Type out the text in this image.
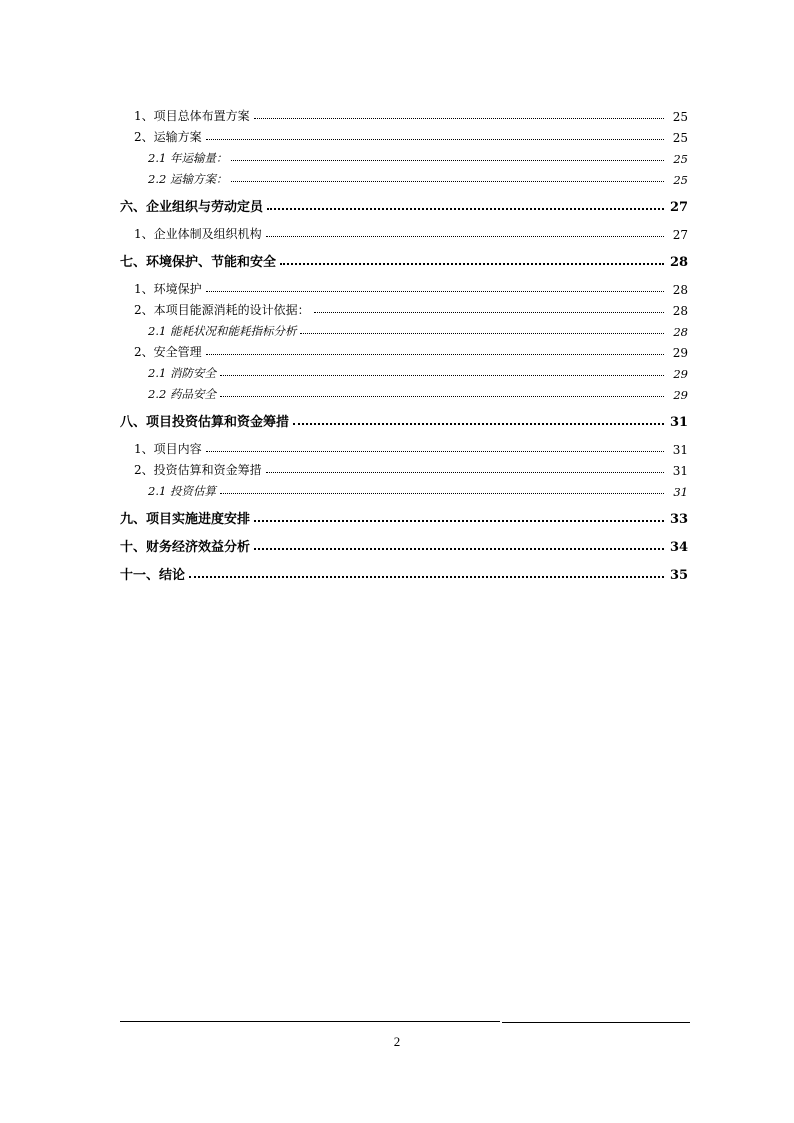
1、项目总体布置方案	25
2、运输方案	25
2.1 年运输量：	25
2.2 运输方案：	25
六、企业组织与劳动定员	27
1、企业体制及组织机构	27
七、环境保护、节能和安全	28
1、环境保护	28
2、本项目能源消耗的设计依据：	28
2.1 能耗状况和能耗指标分析	28
2、安全管理	29
2.1 消防安全	29
2.2 药品安全	29
八、项目投资估算和资金筹措	31
1、项目内容	31
2、投资估算和资金筹措	31
2.1 投资估算	31
九、项目实施进度安排	33
十、财务经济效益分析	34
十一、结论	35
2
